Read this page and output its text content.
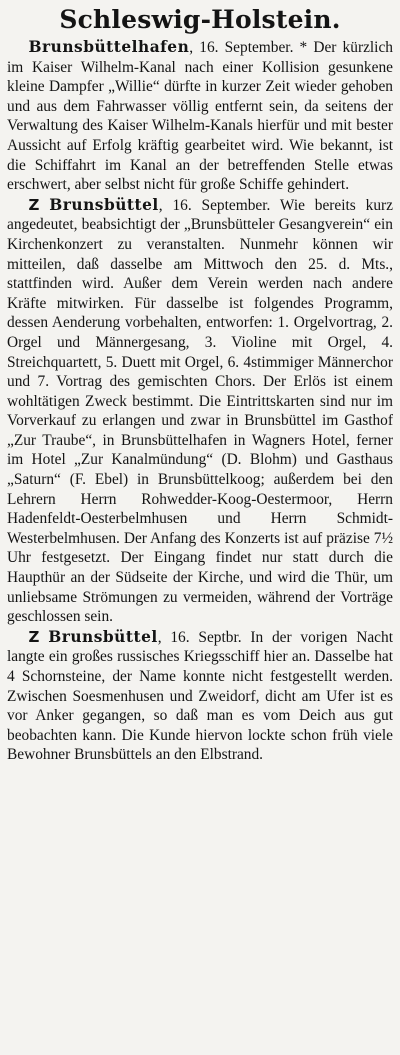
Schleswig-Holstein.

Brunsbüttelhafen, 16. September. * Der kürzlich im Kaiser Wilhelm-Kanal nach einer Kollision gesunkene kleine Dampfer „Willie“ dürfte in kurzer Zeit wieder gehoben und aus dem Fahrwasser völlig entfernt sein, da seitens der Verwaltung des Kaiser Wilhelm-Kanals hierfür und mit bester Aussicht auf Erfolg kräftig gearbeitet wird. Wie bekannt, ist die Schiffahrt im Kanal an der betreffenden Stelle etwas erschwert, aber selbst nicht für große Schiffe gehindert.

Z Brunsbüttel, 16. September. Wie bereits kurz angedeutet, beabsichtigt der „Brunsbütteler Gesangverein“ ein Kirchenkonzert zu veranstalten. Nunmehr können wir mitteilen, daß dasselbe am Mittwoch den 25. d. Mts., stattfinden wird. Außer dem Verein werden nach andere Kräfte mitwirken. Für dasselbe ist folgendes Programm, dessen Aenderung vorbehalten, entworfen: 1. Orgelvortrag, 2. Orgel und Männergesang, 3. Violine mit Orgel, 4. Streichquartett, 5. Duett mit Orgel, 6. 4stimmiger Männerchor und 7. Vortrag des gemischten Chors. Der Erlös ist einem wohltätigen Zweck bestimmt. Die Eintrittskarten sind nur im Vorverkauf zu erlangen und zwar in Brunsbüttel im Gasthof „Zur Traube“, in Brunsbüttelhafen in Wagners Hotel, ferner im Hotel „Zur Kanalmündung“ (D. Blohm) und Gasthaus „Saturn“ (F. Ebel) in Brunsbüttelkoog; außerdem bei den Lehrern Herrn Rohwedder-Koog-Oestermoor, Herrn Hadenfeldt-Oesterbelmhusen und Herrn Schmidt-Westerbelmhusen. Der Anfang des Konzerts ist auf präzise 7½ Uhr festgesetzt. Der Eingang findet nur statt durch die Haupthür an der Südseite der Kirche, und wird die Thür, um unliebsame Strömungen zu vermeiden, während der Vorträge geschlossen sein.

Z Brunsbüttel, 16. Septbr. In der vorigen Nacht langte ein großes russisches Kriegsschiff hier an. Dasselbe hat 4 Schornsteine, der Name konnte nicht festgestellt werden. Zwischen Soesmenhusen und Zweidorf, dicht am Ufer ist es vor Anker gegangen, so daß man es vom Deich aus gut beobachten kann. Die Kunde hiervon lockte schon früh viele Bewohner Brunsbüttels an den Elbstrand.
